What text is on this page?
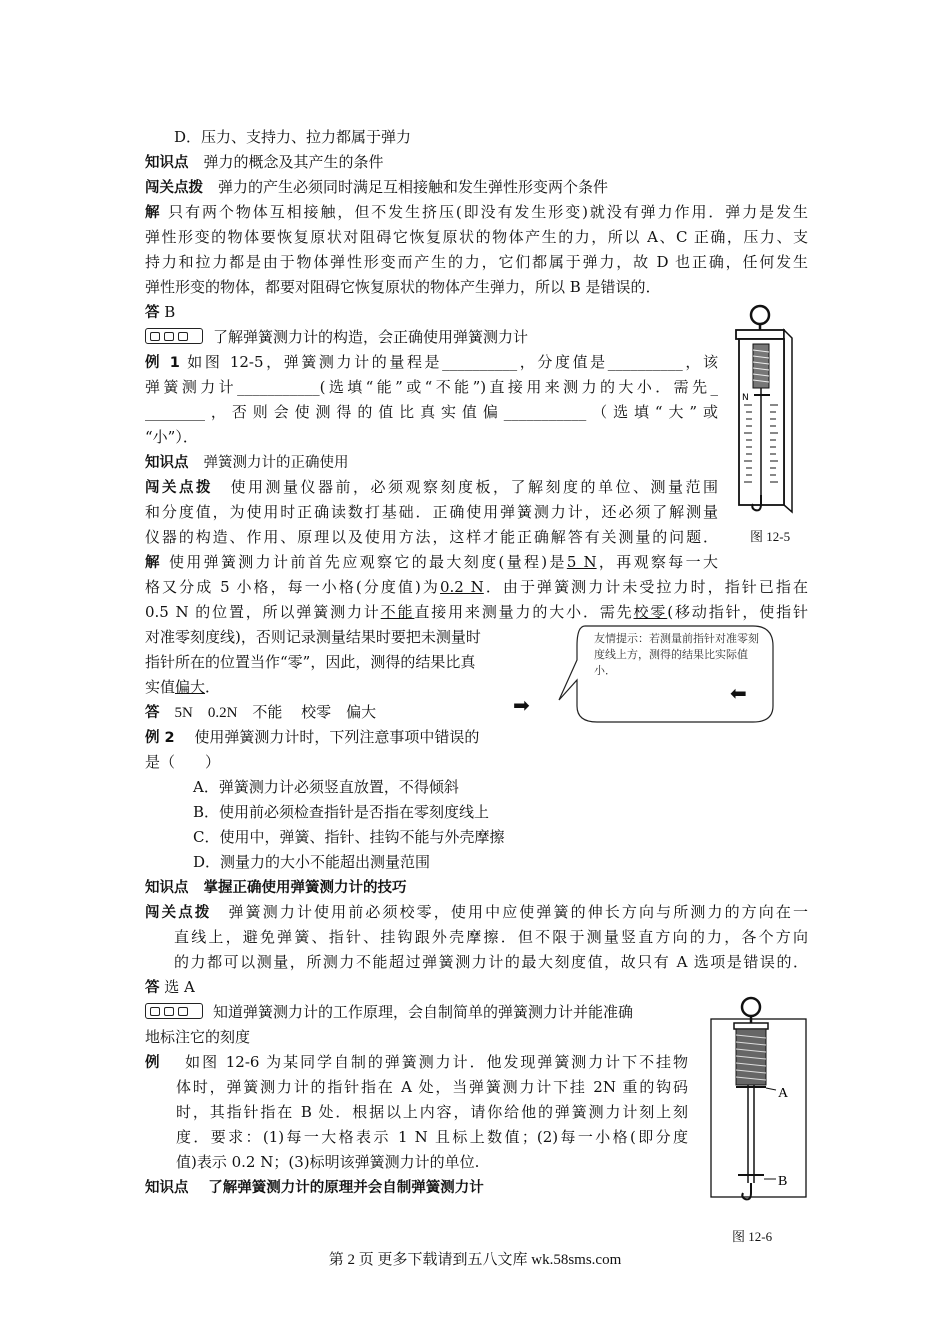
D．压力、支持力、拉力都属于弹力
知识点　 弹力的概念及其产生的条件
闯关点拨　 弹力的产生必须同时满足互相接触和发生弹性形变两个条件
解 只有两个物体互相接触，但不发生挤压(即没有发生形变)就没有弹力作用．弹力是发生
弹性形变的物体要恢复原状对阻碍它恢复原状的物体产生的力，所以 A、C 正确，压力、支
持力和拉力都是由于物体弹性形变而产生的力，它们都属于弹力，故 D 也正确，任何发生
弹性形变的物体，都要对阻碍它恢复原状的物体产生弹力，所以 B 是错误的．
答 B
了解弹簧测力计的构造，会正确使用弹簧测力计
例 1 如图 12-5，弹簧测力计的量程是__________，分度值是__________，该
弹簧测力计___________(选填“能”或“不能”)直接用来测力的大小．需先_
________，否则会使测得的值比真实值偏___________（选填“大”或
“小”）．
知识点　 弹簧测力计的正确使用
闯关点拨　 使用测量仪器前，必须观察刻度板，了解刻度的单位、测量范围
和分度值，为使用时正确读数打基础．正确使用弹簧测力计，还必须了解测量
仪器的构造、作用、原理以及使用方法，这样才能正确解答有关测量的问题．
解 使用弹簧测力计前首先应观察它的最大刻度(量程)是5 N，再观察每一大
格又分成 5 小格，每一小格(分度值)为0.2 N．由于弹簧测力计未受拉力时，指针已指在
0.5 N 的位置，所以弹簧测力计不能直接用来测量力的大小．需先校零(移动指针，使指针
对准零刻度线)，否则记录测量结果时要把未测量时
指针所在的位置当作“零”，因此，测得的结果比真
实值偏大．
答　 5N　0.2N　不能　 校零　偏大
例 2　 使用弹簧测力计时，下列注意事项中错误的
是（　　）
A．弹簧测力计必须竖直放置，不得倾斜
B．使用前必须检查指针是否指在零刻度线上
C．使用中，弹簧、指针、挂钩不能与外壳摩擦
D．测量力的大小不能超出测量范围
知识点　 掌握正确使用弹簧测力计的技巧
闯关点拨　 弹簧测力计使用前必须校零，使用中应使弹簧的伸长方向与所测力的方向在一
直线上，避免弹簧、指针、挂钩跟外壳摩擦．但不限于测量竖直方向的力，各个方向
的力都可以测量，所测力不能超过弹簧测力计的最大刻度值，故只有 A 选项是错误的．
答 选 A
知道弹簧测力计的工作原理，会自制简单的弹簧测力计并能准确
地标注它的刻度
例　 如图 12-6 为某同学自制的弹簧测力计．他发现弹簧测力计下不挂物
体时，弹簧测力计的指针指在 A 处，当弹簧测力计下挂 2N 重的钩码
时，其指针指在 B 处．根据以上内容，请你给他的弹簧测力计刻上刻
度．要求：(1)每一大格表示 1 N 且标上数值；(2)每一小格(即分度
值)表示 0.2 N；(3)标明该弹簧测力计的单位.
知识点　 了解弹簧测力计的原理并会自制弹簧测力计
友情提示：若测量前指针对准零刻度线上方，测得的结果比实际值小．
➡	⬅
N
图 12-5
A
B
图 12-6
第 2 页 更多下载请到五八文库 wk.58sms.com
